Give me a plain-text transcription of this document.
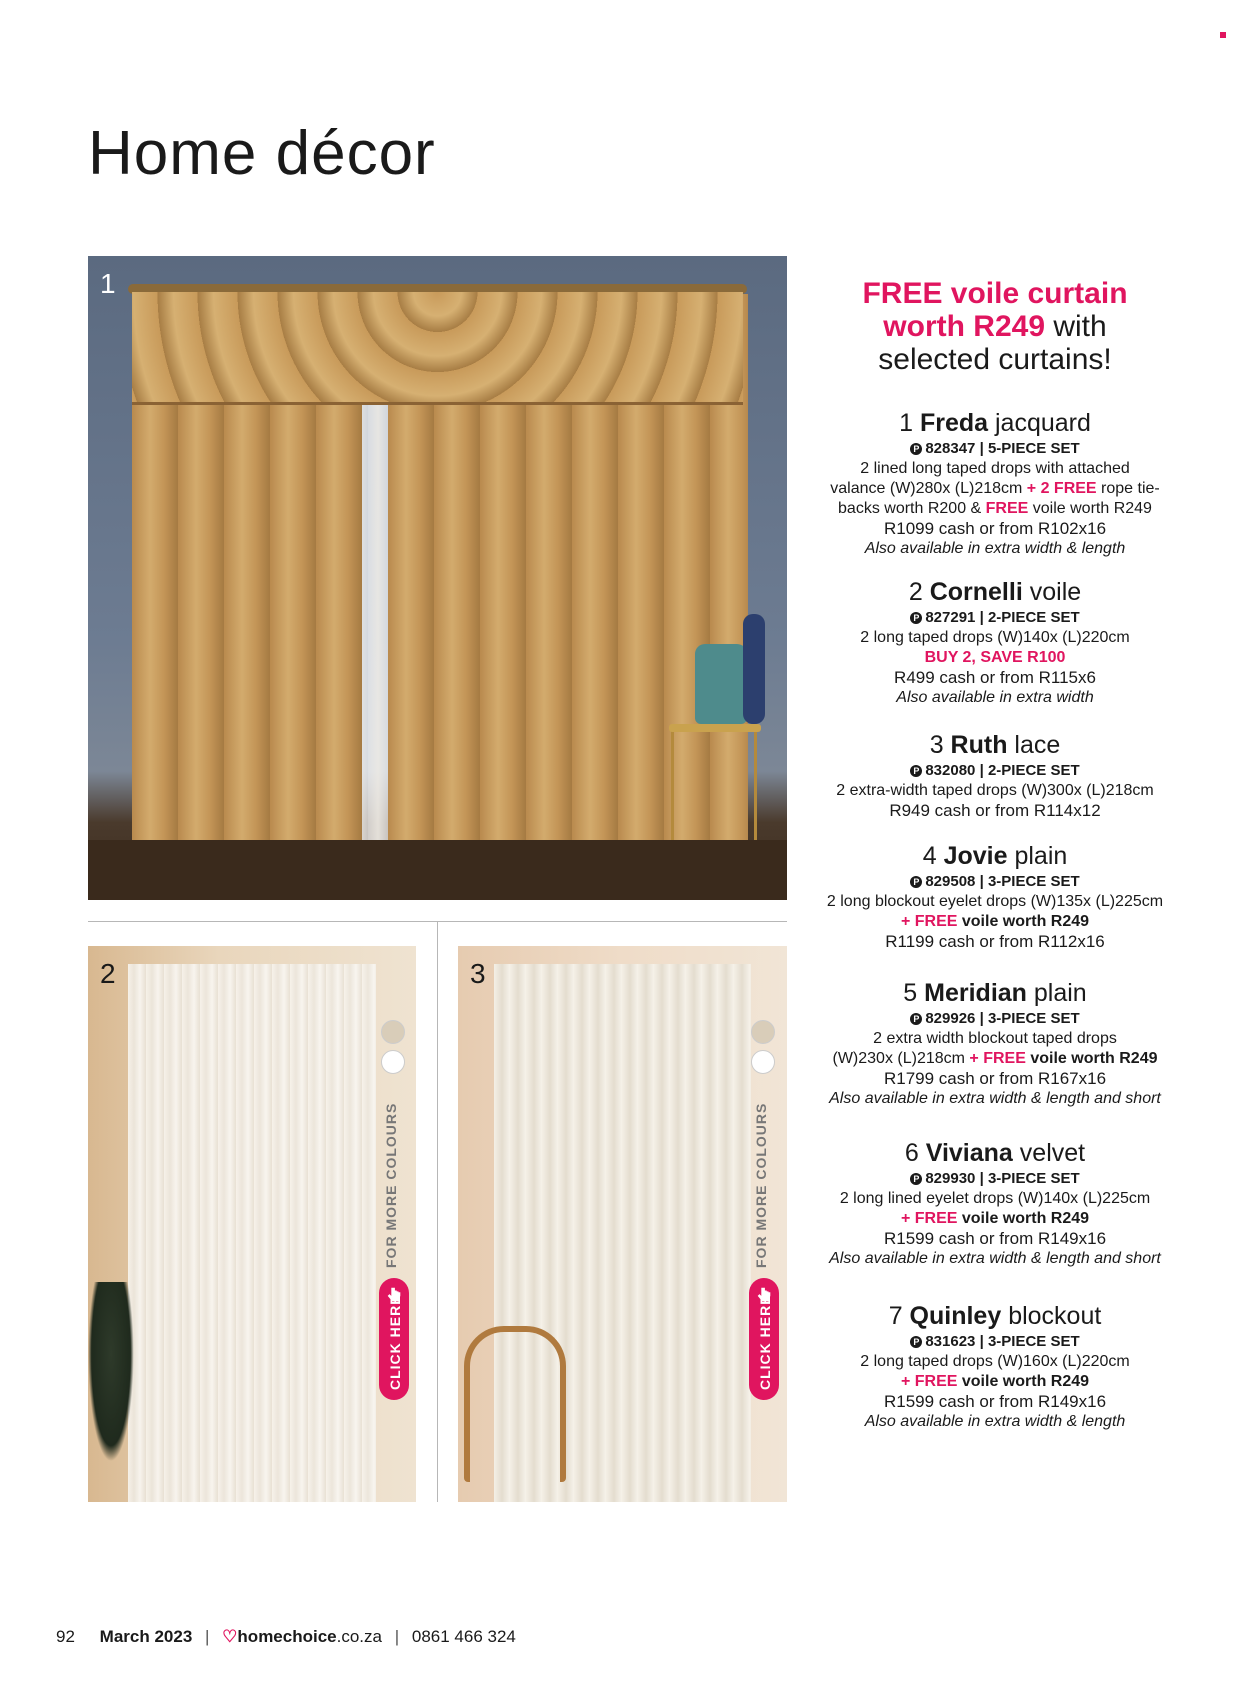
Home décor
1
2	3
FOR MORE COLOURS
CLICK HERE
FOR MORE COLOURS
CLICK HERE
FREE voile curtain
worth R249 with
selected curtains!
1 Freda jacquard
P 828347 | 5-PIECE SET
2 lined long taped drops with attached
valance (W)280x (L)218cm + 2 FREE rope tie-
backs worth R200 & FREE voile worth R249
R1099 cash or from R102x16
Also available in extra width & length
2 Cornelli voile
P 827291 | 2-PIECE SET
2 long taped drops (W)140x (L)220cm
BUY 2, SAVE R100
R499 cash or from R115x6
Also available in extra width
3 Ruth lace
P 832080 | 2-PIECE SET
2 extra-width taped drops (W)300x (L)218cm
R949 cash or from R114x12
4 Jovie plain
P 829508 | 3-PIECE SET
2 long blockout eyelet drops (W)135x (L)225cm
+ FREE voile worth R249
R1199 cash or from R112x16
5 Meridian plain
P 829926 | 3-PIECE SET
2 extra width blockout taped drops
(W)230x (L)218cm + FREE voile worth R249
R1799 cash or from R167x16
Also available in extra width & length and short
6 Viviana velvet
P 829930 | 3-PIECE SET
2 long lined eyelet drops (W)140x (L)225cm
+ FREE voile worth R249
R1599 cash or from R149x16
Also available in extra width & length and short
7 Quinley blockout
P 831623 | 3-PIECE SET
2 long taped drops (W)160x (L)220cm
+ FREE voile worth R249
R1599 cash or from R149x16
Also available in extra width & length
92 March 2023 | ♡homechoice.co.za | 0861 466 324
